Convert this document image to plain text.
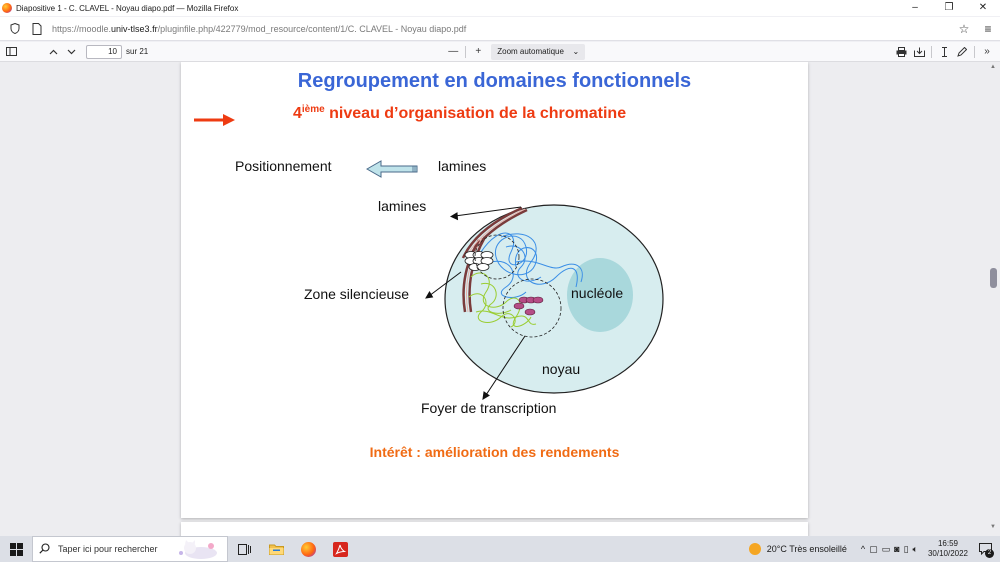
Diapositive 1 - C. CLAVEL - Noyau diapo.pdf — Mozilla Firefox	–	❐	✕
https://moodle.univ-tlse3.fr/pluginfile.php/422779/mod_resource/content/1/C. CLAVEL - Noyau diapo.pdf	☆	≡
10	sur 21	—	+	Zoom automatique ⌄	»
Regroupement en domaines fonctionnels
4ième niveau d’organisation de la chromatine
Positionnement	lamines
lamines
Zone silencieuse	nucléole
noyau
Foyer de transcription
Intérêt : amélioration des rendements
▲
▼
Taper ici pour rechercher	20°C Très ensoleillé ^ ▢ ▭ ◙ ▯ 🔈︎	16:59
30/10/2022	2
